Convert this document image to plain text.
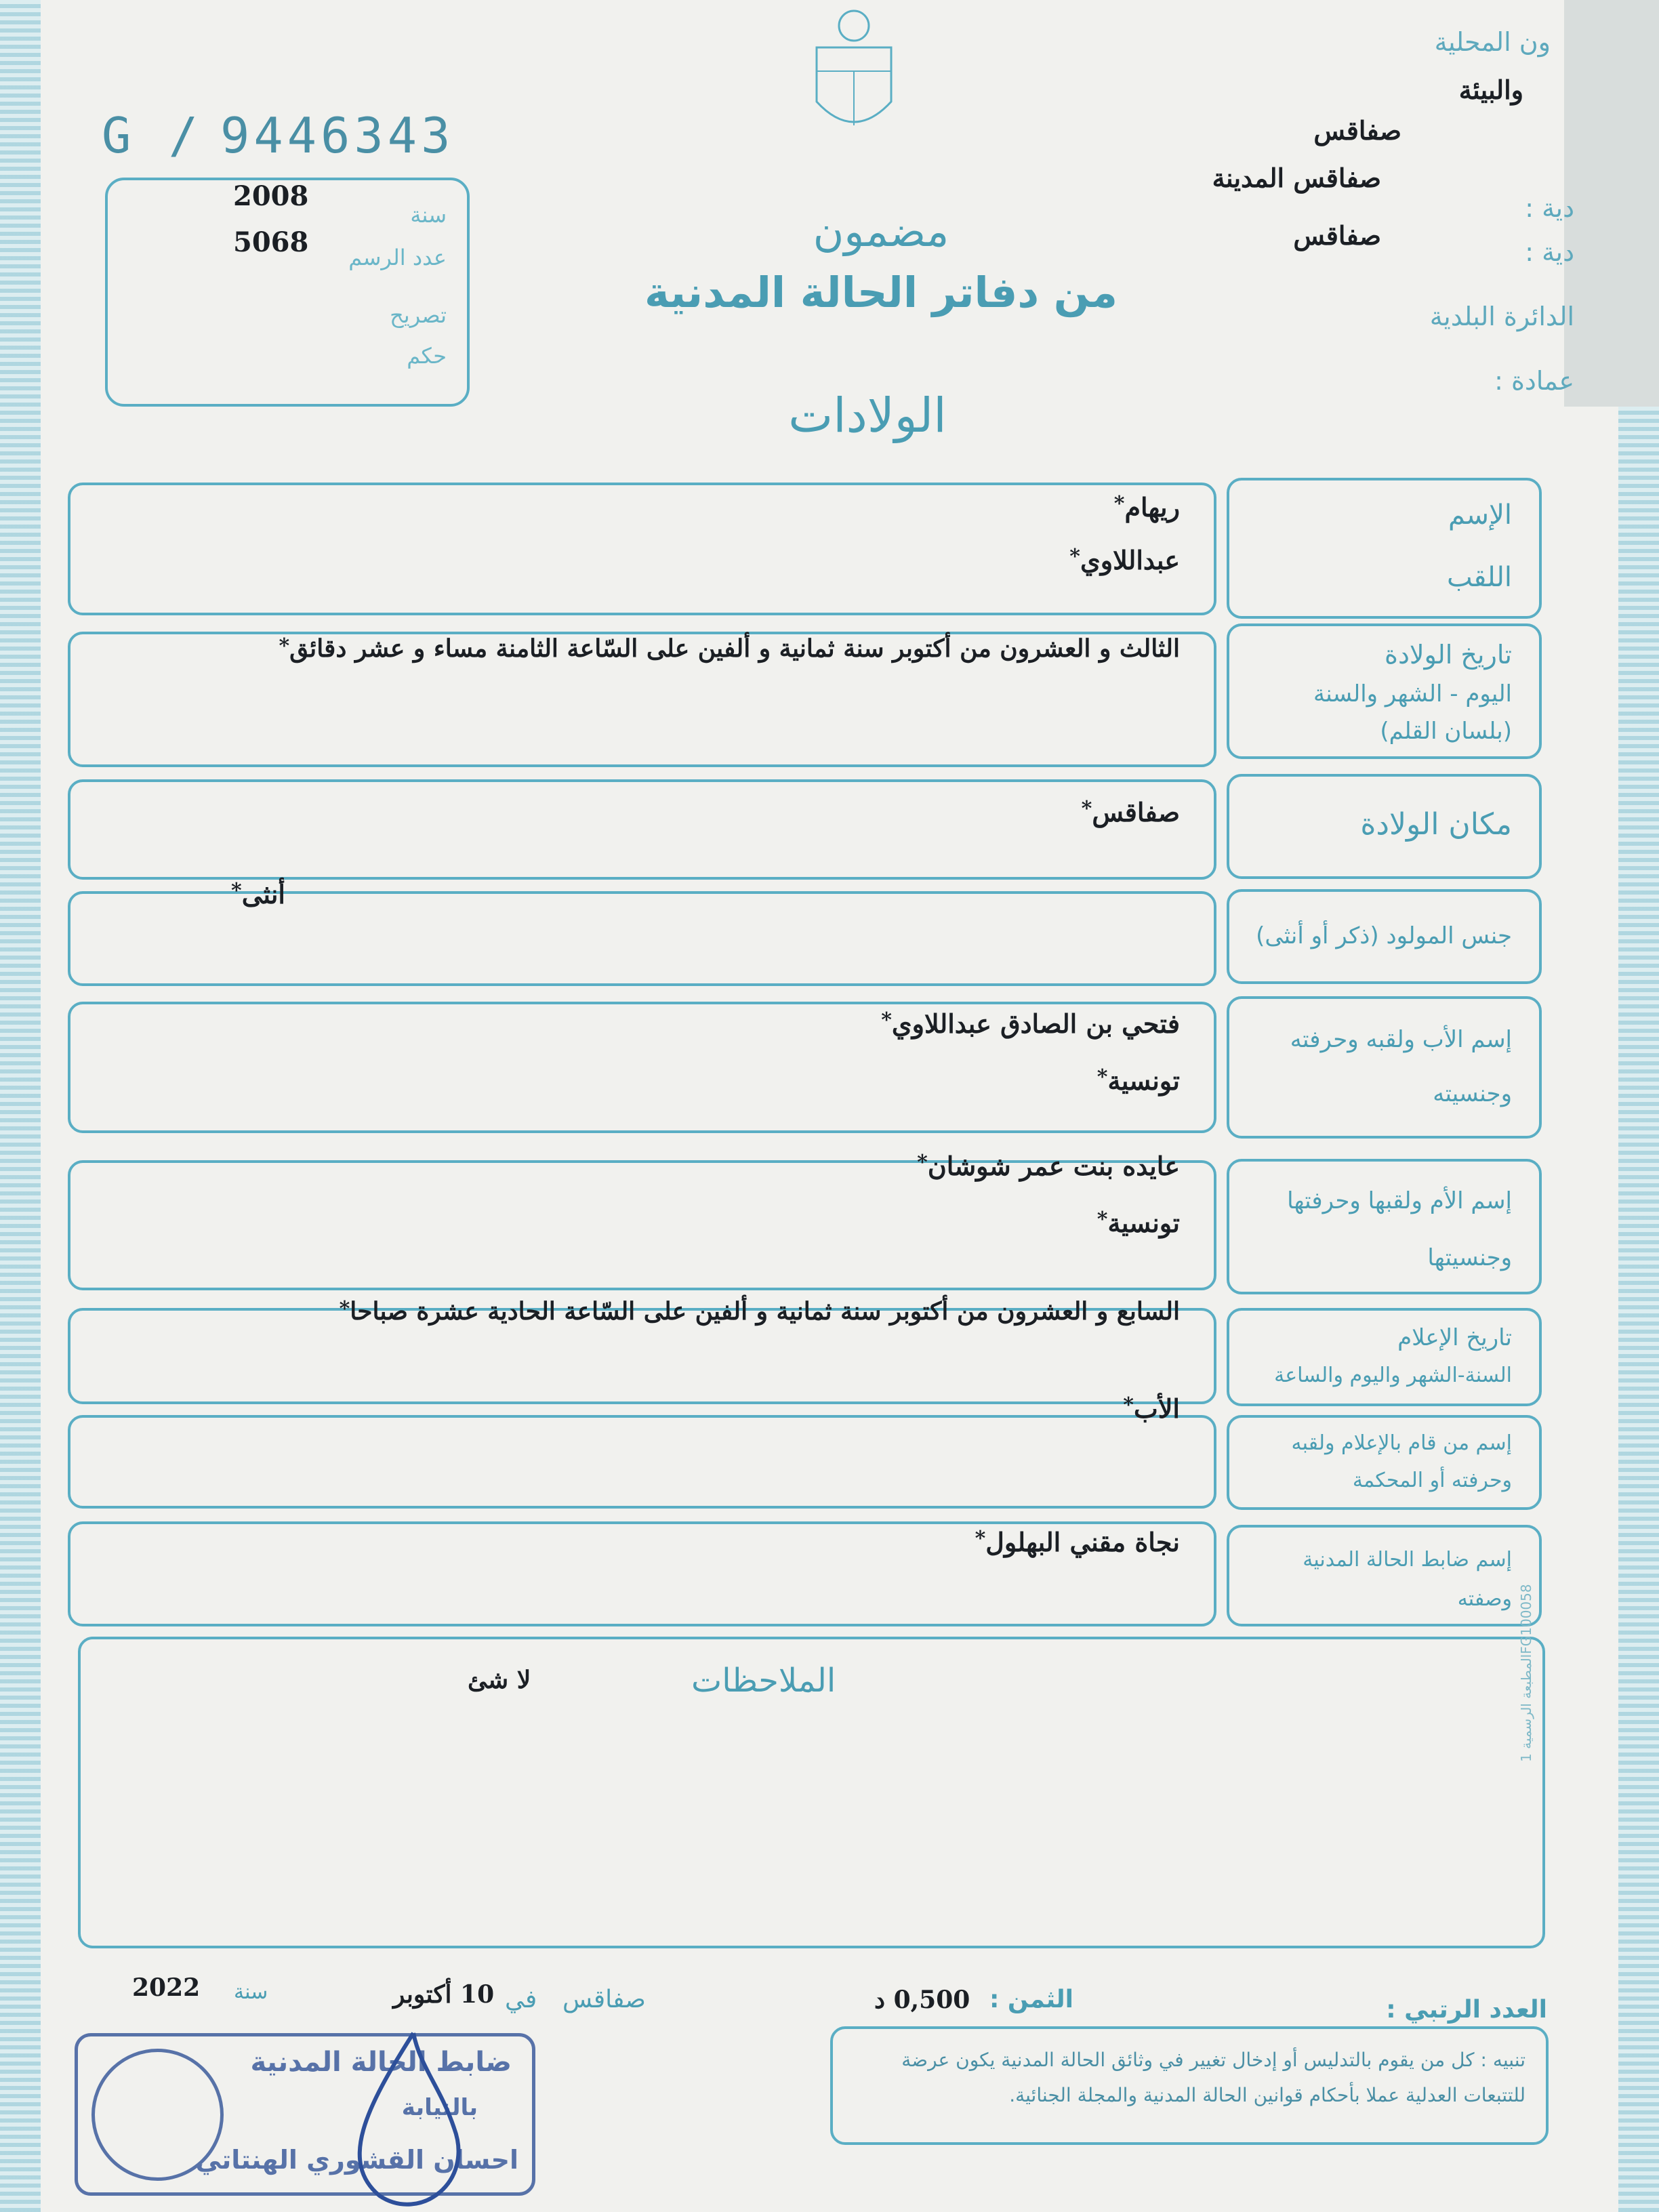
G / 9446343
2008
سنة
5068 عدد الرسم
تصريح
حكم
ون المحلية
والبيئة
صفاقس
صفاقس المدينة
دية :
صفاقس
دية :
الدائرة البلدية
عمادة :
مضمون
من دفاتر الحالة المدنية
الولادات
الإسم
اللقب
ريهام*
عبداللاوي*
تاريخ الولادة
اليوم - الشهر والسنة
(بلسان القلم)
الثالث و العشرون من أكتوبر سنة ثمانية و ألفين على السّاعة الثامنة مساء و عشر دقائق*
مكان الولادة
صفاقس*
جنس المولود (ذكر أو أنثى)
أنثى*
إسم الأب ولقبه وحرفته
وجنسيته
فتحي بن الصادق عبداللاوي*
تونسية*
إسم الأم ولقبها وحرفتها
وجنسيتها
عايده بنت عمر شوشان*
تونسية*
تاريخ الإعلام
السنة-الشهر واليوم والساعة
السابع و العشرون من أكتوبر سنة ثمانية و ألفين على السّاعة الحادية عشرة صباحا*
إسم من قام بالإعلام ولقبه
وحرفته أو المحكمة
الأب*
إسم ضابط الحالة المدنية
وصفته
نجاة مقني البهلول*
الملاحظات
لا شئ
المطبعة الرسمية 1FG100058
العدد الرتبي :
الثمن :
0,500 د
صفاقس
في
10 أكتوبر
سنة
2022
تنبيه : كل من يقوم بالتدليس أو إدخال تغيير في وثائق الحالة المدنية يكون عرضة للتتبعات العدلية عملا بأحكام قوانين الحالة المدنية والمجلة الجنائية.
ضابط الحالة المدنية
بالنيابة
احسان القشوري الهنتاتي
